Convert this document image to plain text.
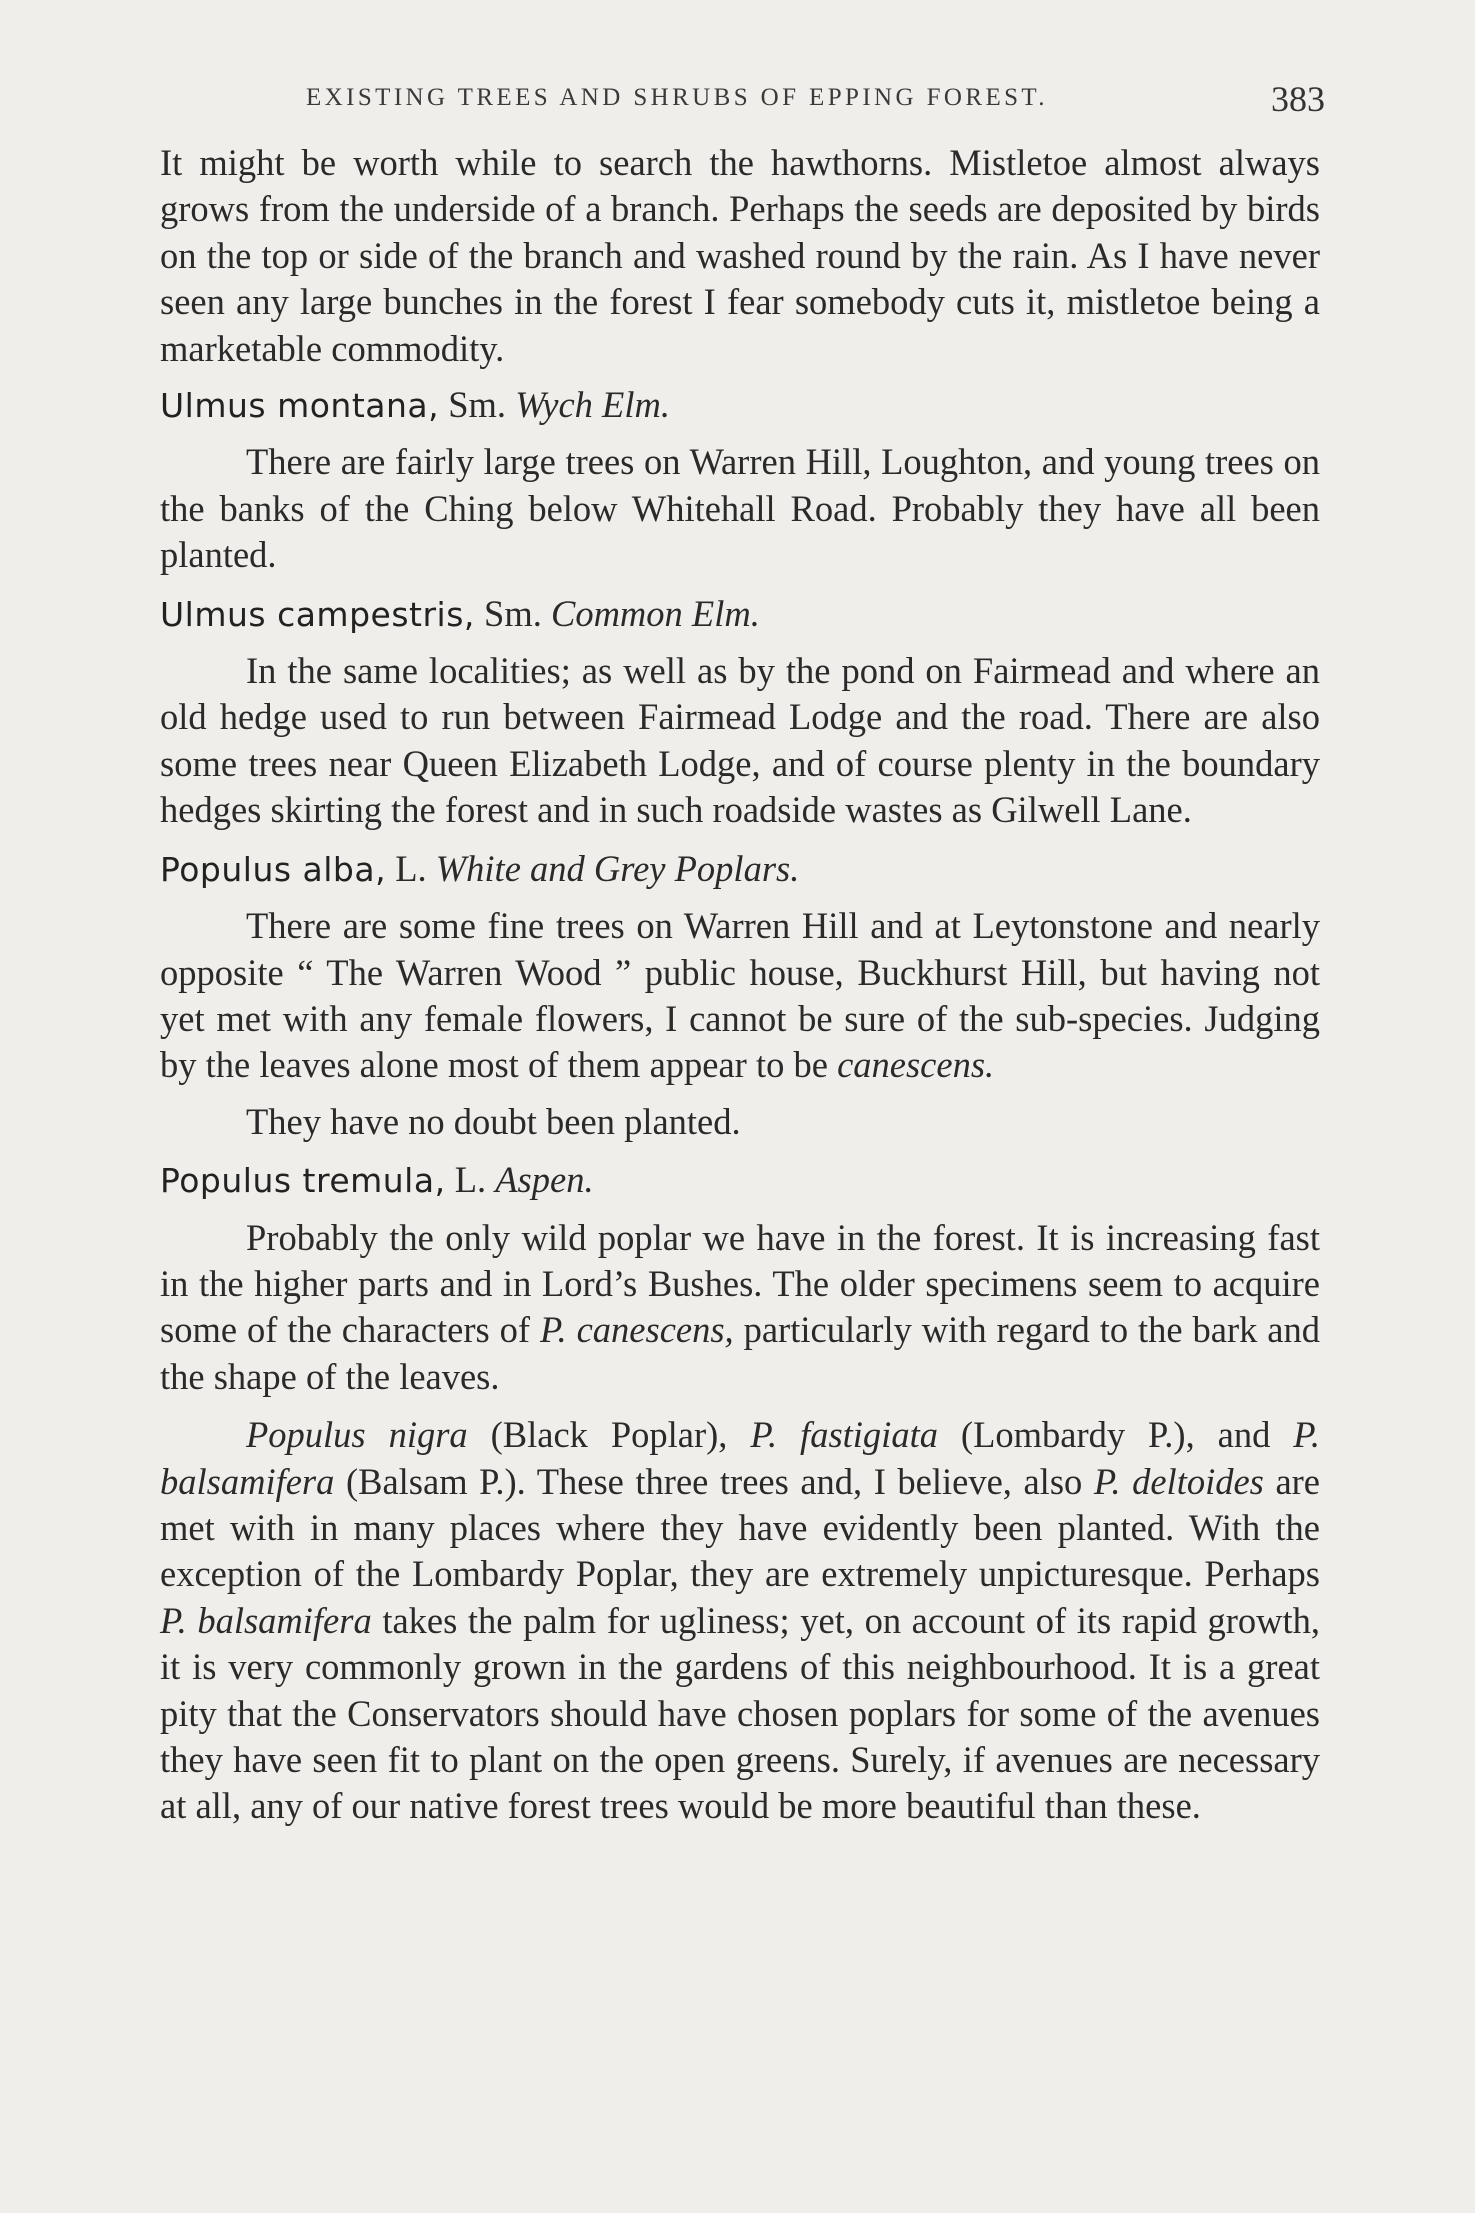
EXISTING TREES AND SHRUBS OF EPPING FOREST.	383

It might be worth while to search the hawthorns. Mistletoe almost always grows from the underside of a branch. Perhaps the seeds are deposited by birds on the top or side of the branch and washed round by the rain. As I have never seen any large bunches in the forest I fear somebody cuts it, mistletoe being a marketable commodity.

Ulmus montana, Sm. Wych Elm.

There are fairly large trees on Warren Hill, Loughton, and young trees on the banks of the Ching below Whitehall Road. Probably they have all been planted.

Ulmus campestris, Sm. Common Elm.

In the same localities; as well as by the pond on Fairmead and where an old hedge used to run between Fairmead Lodge and the road. There are also some trees near Queen Elizabeth Lodge, and of course plenty in the boundary hedges skirting the forest and in such roadside wastes as Gilwell Lane.

Populus alba, L. White and Grey Poplars.

There are some fine trees on Warren Hill and at Leytonstone and nearly opposite “ The Warren Wood ” public house, Buckhurst Hill, but having not yet met with any female flowers, I cannot be sure of the sub-species. Judging by the leaves alone most of them appear to be canescens.

They have no doubt been planted.

Populus tremula, L. Aspen.

Probably the only wild poplar we have in the forest. It is increasing fast in the higher parts and in Lord’s Bushes. The older specimens seem to acquire some of the characters of P. canescens, particularly with regard to the bark and the shape of the leaves.

Populus nigra (Black Poplar), P. fastigiata (Lombardy P.), and P. balsamifera (Balsam P.). These three trees and, I believe, also P. deltoides are met with in many places where they have evidently been planted. With the exception of the Lombardy Poplar, they are extremely unpicturesque. Perhaps P. balsamifera takes the palm for ugliness; yet, on account of its rapid growth, it is very commonly grown in the gardens of this neighbourhood. It is a great pity that the Conservators should have chosen poplars for some of the avenues they have seen fit to plant on the open greens. Surely, if avenues are necessary at all, any of our native forest trees would be more beautiful than these.
